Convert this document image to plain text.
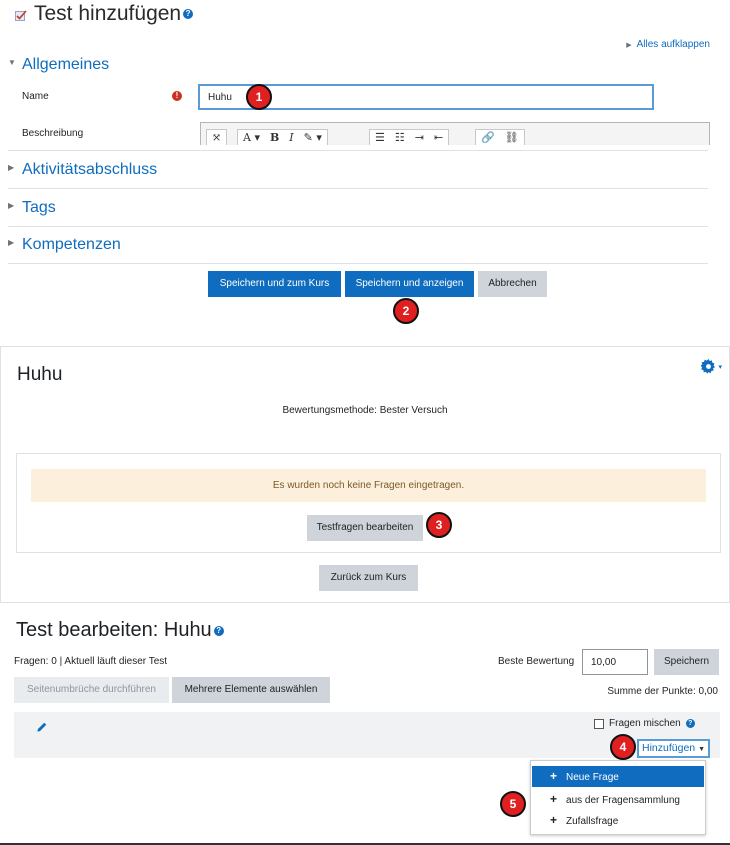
Test hinzufügen ?
▶ Alles aufklappen
▼ Allgemeines
Name	!
Huhu	1
Beschreibung	⤧	A ▾ B I ✎ ▾	☰ ☷ ⇥ ⇤	🔗 ⛓
▶ Aktivitätsabschluss
▶ Tags
▶ Kompetenzen
Speichern und zum Kurs	Speichern und anzeigen	Abbrechen
2
Huhu	▾
Bewertungsmethode: Bester Versuch
Es wurden noch keine Fragen eingetragen.
Testfragen bearbeiten	3
Zurück zum Kurs
Test bearbeiten: Huhu ?
Fragen: 0 | Aktuell läuft dieser Test	Beste Bewertung
10,00	Speichern
Seitenumbrüche durchführen	Mehrere Elemente auswählen	Summe der Punkte: 0,00
Fragen mischen	?
Hinzufügen ▼
4
+ Neue Frage
+ aus der Fragensammlung
+ Zufallsfrage
5
